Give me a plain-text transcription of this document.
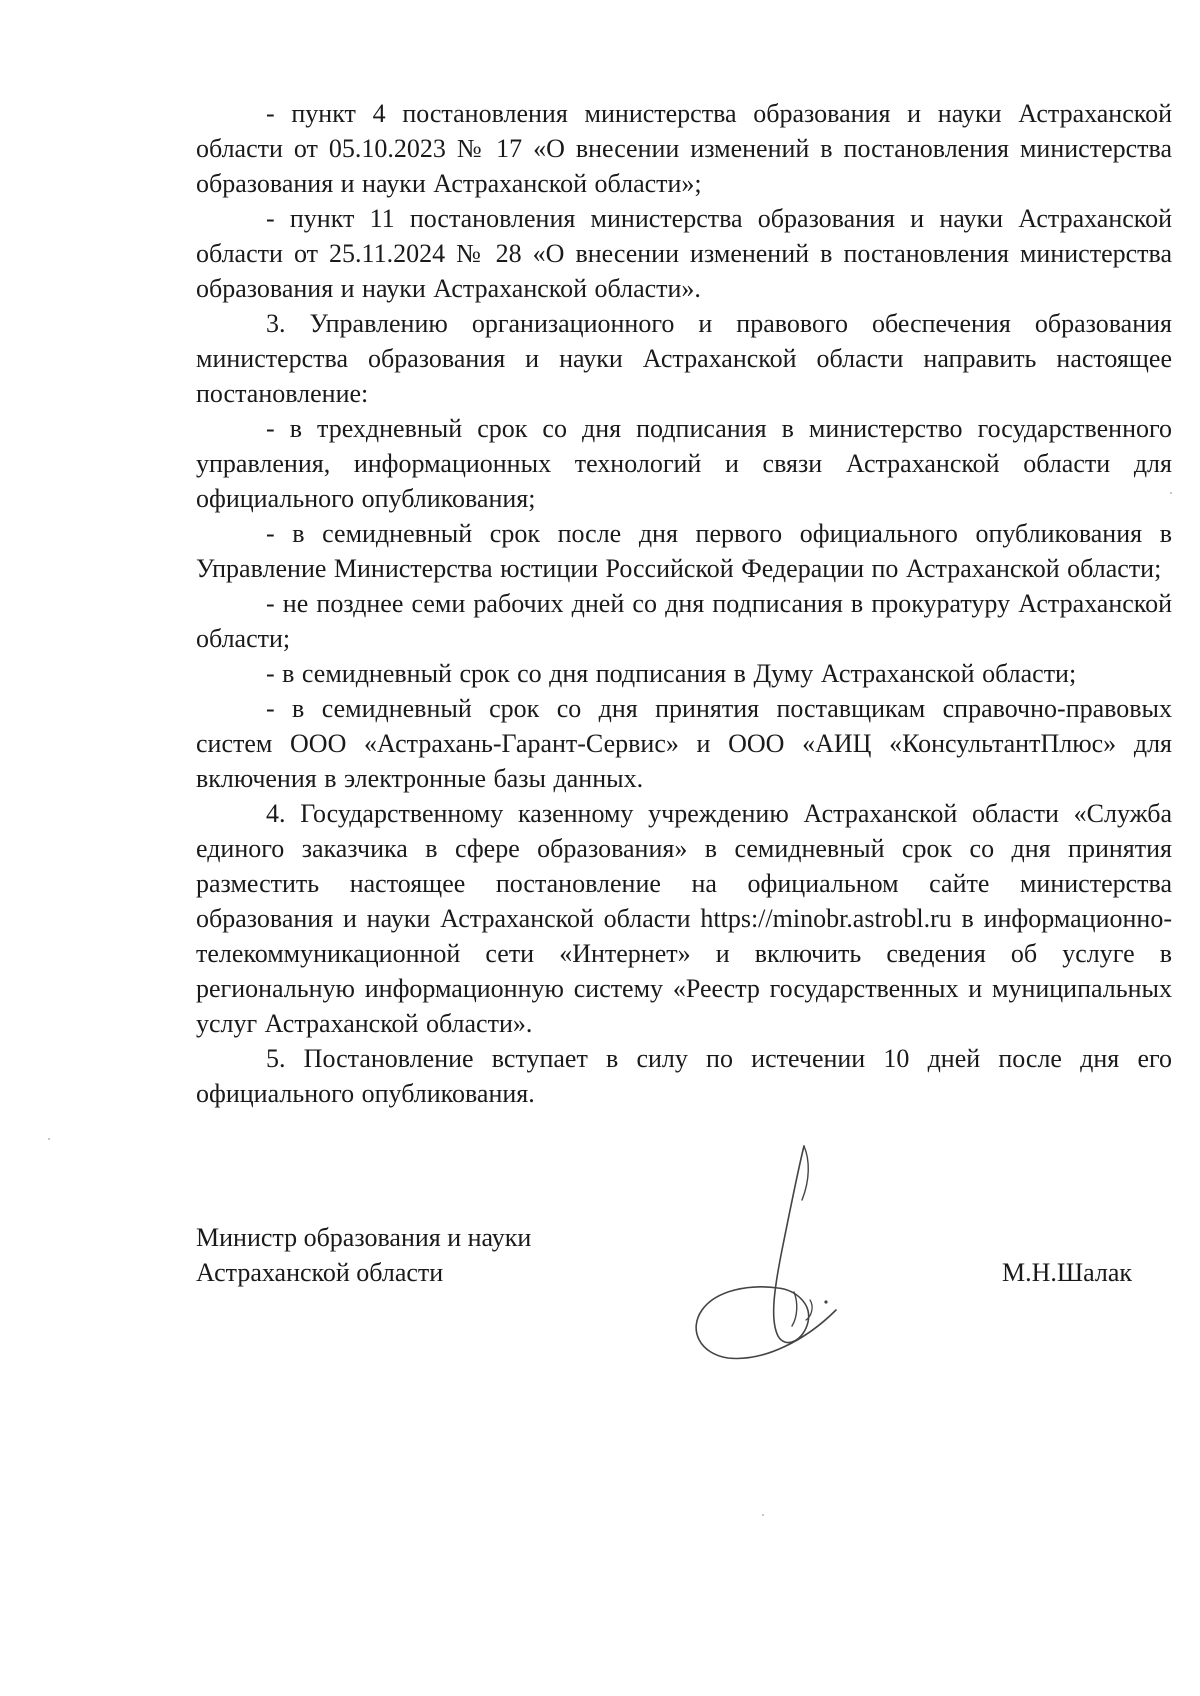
- пункт 4 постановления министерства образования и науки Астраханской области от 05.10.2023 № 17 «О внесении изменений в постановления министерства образования и науки Астраханской области»;

- пункт 11 постановления министерства образования и науки Астраханской области от 25.11.2024 № 28 «О внесении изменений в постановления министерства образования и науки Астраханской области».

3. Управлению организационного и правового обеспечения образования министерства образования и науки Астраханской области направить настоящее постановление:

- в трехдневный срок со дня подписания в министерство государственного управления, информационных технологий и связи Астраханской области для официального опубликования;

- в семидневный срок после дня первого официального опубликования в Управление Министерства юстиции Российской Федерации по Астраханской области;

- не позднее семи рабочих дней со дня подписания в прокуратуру Астраханской области;

- в семидневный срок со дня подписания в Думу Астраханской области;

- в семидневный срок со дня принятия поставщикам справочно-правовых систем ООО «Астрахань-Гарант-Сервис» и ООО «АИЦ «КонсультантПлюс» для включения в электронные базы данных.

4. Государственному казенному учреждению Астраханской области «Служба единого заказчика в сфере образования» в семидневный срок со дня принятия разместить настоящее постановление на официальном сайте министерства образования и науки Астраханской области https://minobr.astrobl.ru в информационно-телекоммуникационной сети «Интернет» и включить сведения об услуге в региональную информационную систему «Реестр государственных и муниципальных услуг Астраханской области».

5. Постановление вступает в силу по истечении 10 дней после дня его официального опубликования.

Министр образования и науки
Астраханской области	М.Н.Шалак
